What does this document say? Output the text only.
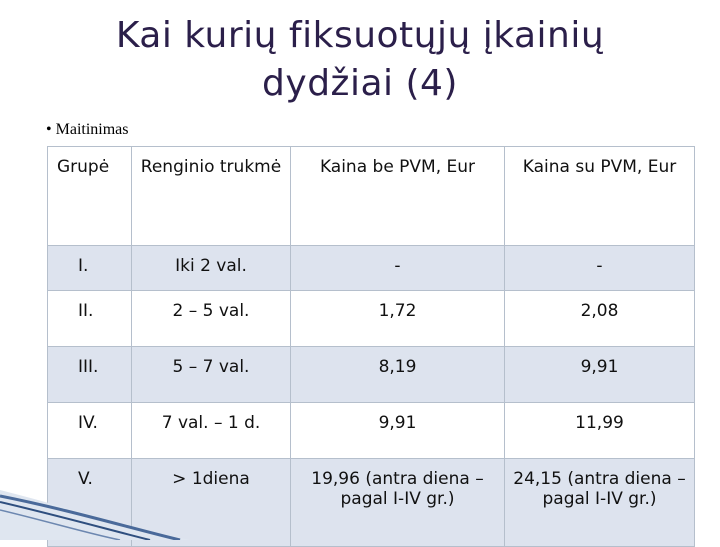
Kai kurių fiksuotųjų įkainių
dydžiai (4)
• Maitinimas
Grupė	Renginio trukmė	Kaina be PVM, Eur	Kaina su PVM, Eur
I.	Iki 2 val.	-	-
II.	2 – 5 val.	1,72	2,08
III.	5 – 7 val.	8,19	9,91
IV.	7 val. – 1 d.	9,91	11,99
V.	> 1diena	19,96 (antra diena – pagal I-IV gr.)	24,15 (antra diena – pagal I-IV gr.)
